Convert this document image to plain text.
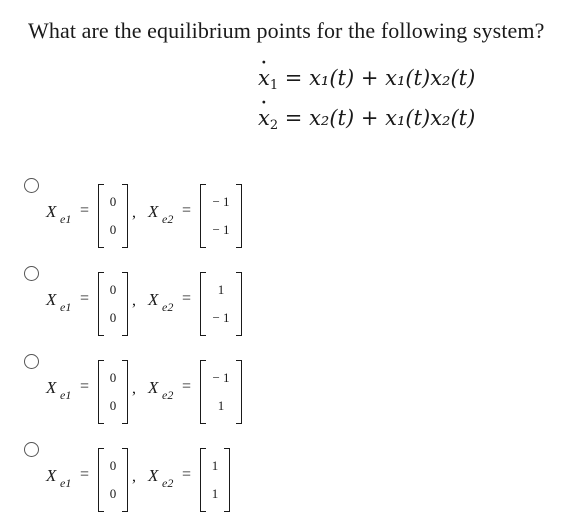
What are the equilibrium points for the following system?
· $x_1 = x_1(t) + x_1(t)x_2(t)$
· $x_2 = x_2(t) + x_1(t)x_2(t)$
X e1 =
0
0
, X e2 =
− 1
− 1
X e1 =
0
0
, X e2 =
1
− 1
X e1 =
0
0
, X e2 =
− 1
1
X e1 =
0
0
, X e2 =
1
1
